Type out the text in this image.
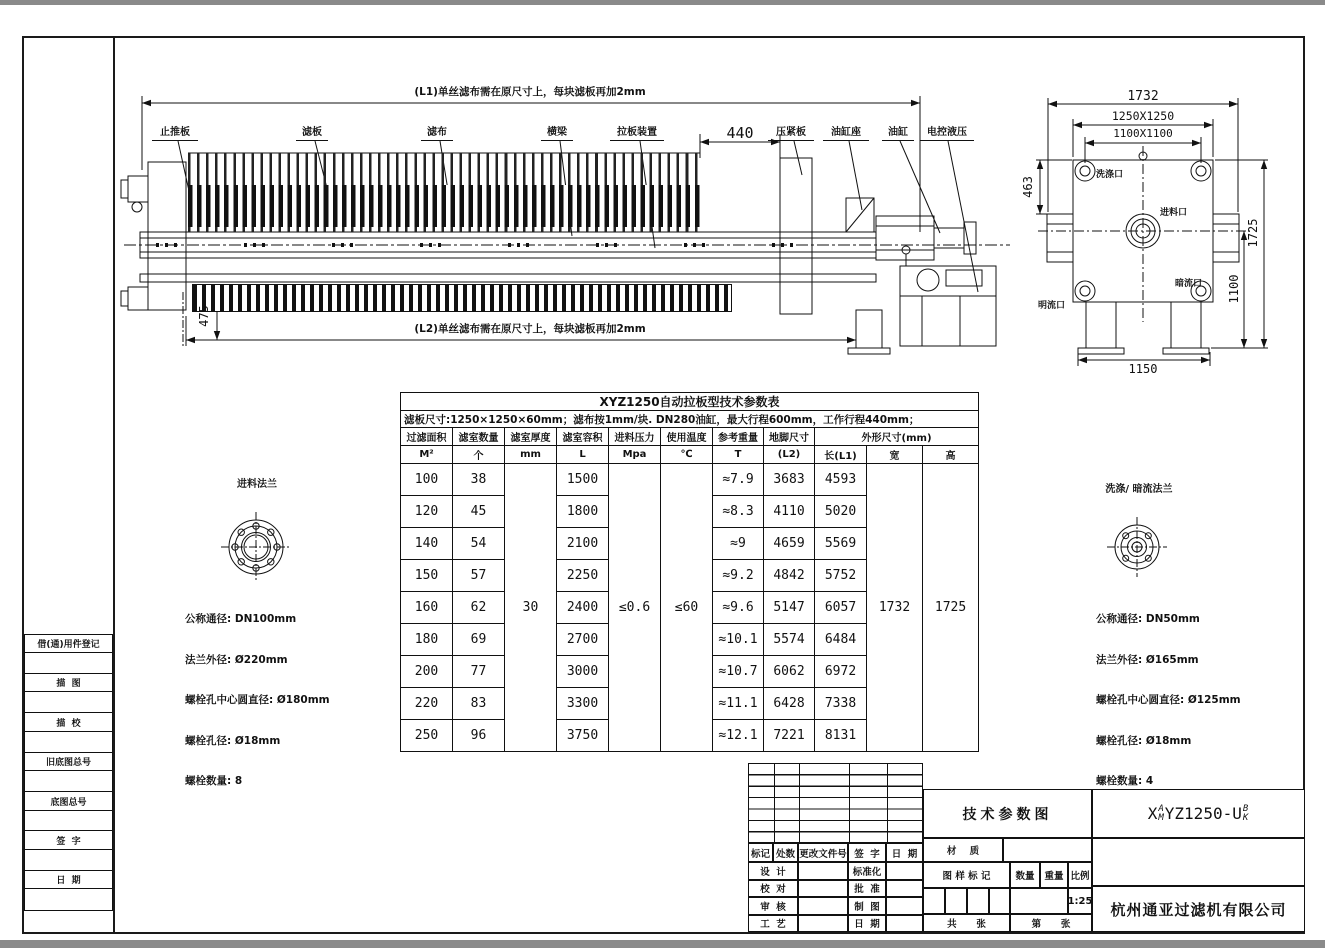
(L1)单丝滤布需在原尺寸上，每块滤板再加2mm
(L2)单丝滤布需在原尺寸上，每块滤板再加2mm
440
475
止推板	滤板	滤布	横梁	拉板装置	压紧板	油缸座	油缸	电控液压
1732
1250X1250
1100X1100
463
1725
1100
1150
洗涤口
进料口
暗流口
明流口
进料法兰

公称通径: DN100mm

法兰外径: Ø220mm

螺栓孔中心圆直径: Ø180mm

螺栓孔径: Ø18mm

螺栓数量: 8

洗涤/ 暗流法兰

公称通径: DN50mm

法兰外径: Ø165mm

螺栓孔中心圆直径: Ø125mm

螺栓孔径: Ø18mm

螺栓数量: 4

XYZ1250自动拉板型技术参数表										
滤板尺寸:1250×1250×60mm；滤布按1mm/块. DN280油缸，最大行程600mm，工作行程440mm；										
过滤面积	滤室数量	滤室厚度	滤室容积	进料压力	使用温度	参考重量	地脚尺寸	外形尺寸(mm)		
M²	个	mm	L	Mpa	℃	T	(L2)	长(L1)	宽	高
100	38	30	1500	≤0.6	≤60	≈7.9	3683	4593	1732	1725
120	45		1800			≈8.3	4110	5020		
140	54		2100			≈9	4659	5569		
150	57		2250			≈9.2	4842	5752		
160	62		2400			≈9.6	5147	6057		
180	69		2700			≈10.1	5574	6484		
200	77		3000			≈10.7	6062	6972		
220	83		3300			≈11.1	6428	7338		
250	96		3750			≈12.1	7221	8131		
借(通)用件登记
描  图
描  校
旧底图总号
底图总号
签  字
日  期
标记 处数 更改文件号 签  字	日  期
设  计	标准化
校  对	批  准
审  核	制  图
工  艺	日  期
技术参数图
材    质
图 样 标 记	数量	重量 比例
1:25
共      张	第      张
X A
M YZ1250-U B
K
杭州通亚过滤机有限公司
